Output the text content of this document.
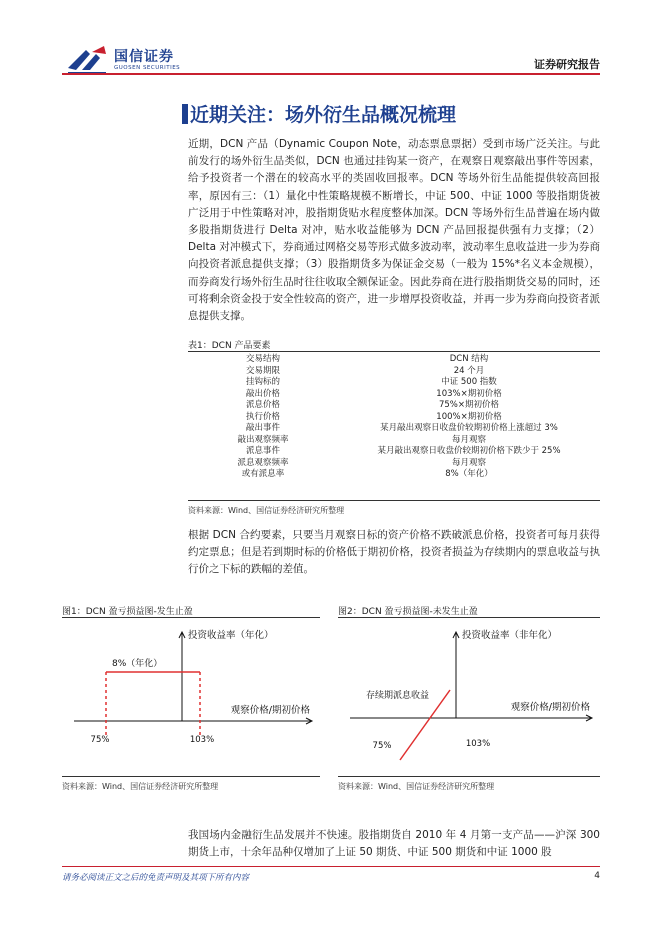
国信证券
GUOSEN SECURITIES	证券研究报告
近期关注：场外衍生品概况梳理

近期，DCN 产品（Dynamic Coupon Note，动态票息票据）受到市场广泛关注。与此前发行的场外衍生品类似，DCN 也通过挂钩某一资产，在观察日观察敲出事件等因素，给予投资者一个潜在的较高水平的类固收回报率。DCN 等场外衍生品能提供较高回报率，原因有三：（1）量化中性策略规模不断增长，中证 500、中证 1000 等股指期货被广泛用于中性策略对冲，股指期货贴水程度整体加深。DCN 等场外衍生品普遍在场内做多股指期货进行 Delta 对冲，贴水收益能够为 DCN 产品回报提供强有力支撑；（2）Delta 对冲模式下，券商通过网格交易等形式做多波动率，波动率生息收益进一步为券商向投资者派息提供支撑；（3）股指期货多为保证金交易（一般为 15%*名义本金规模），而券商发行场外衍生品时往往收取全额保证金。因此券商在进行股指期货交易的同时，还可将剩余资金投于安全性较高的资产，进一步增厚投资收益，并再一步为券商向投资者派息提供支撑。

表1：DCN 产品要素
交易结构	DCN 结构
交易期限	24 个月
挂钩标的	中证 500 指数
敲出价格	103%×期初价格
派息价格	75%×期初价格
执行价格	100%×期初价格
敲出事件	某月敲出观察日收盘价较期初价格上涨超过 3%
敲出观察频率	每月观察
派息事件	某月敲出观察日收盘价较期初价格下跌少于 25%
派息观察频率	每月观察
或有派息率	8%（年化）
资料来源：Wind、国信证券经济研究所整理

根据 DCN 合约要素，只要当月观察日标的资产价格不跌破派息价格，投资者可每月获得约定票息；但是若到期时标的价格低于期初价格，投资者损益为存续期内的票息收益与执行价之下标的跌幅的差值。

图1：DCN 盈亏损益图-发生止盈
投资收益率（年化）
观察价格/期初价格
8%（年化）
75%	103%
资料来源：Wind、国信证券经济研究所整理
图2：DCN 盈亏损益图-未发生止盈
投资收益率（非年化）
观察价格/期初价格
存续期派息收益
75%	103%
资料来源：Wind、国信证券经济研究所整理

我国场内金融衍生品发展并不快速。股指期货自 2010 年 4 月第一支产品——沪深 300 期货上市，十余年品种仅增加了上证 50 期货、中证 500 期货和中证 1000 股

请务必阅读正文之后的免责声明及其项下所有内容	4
